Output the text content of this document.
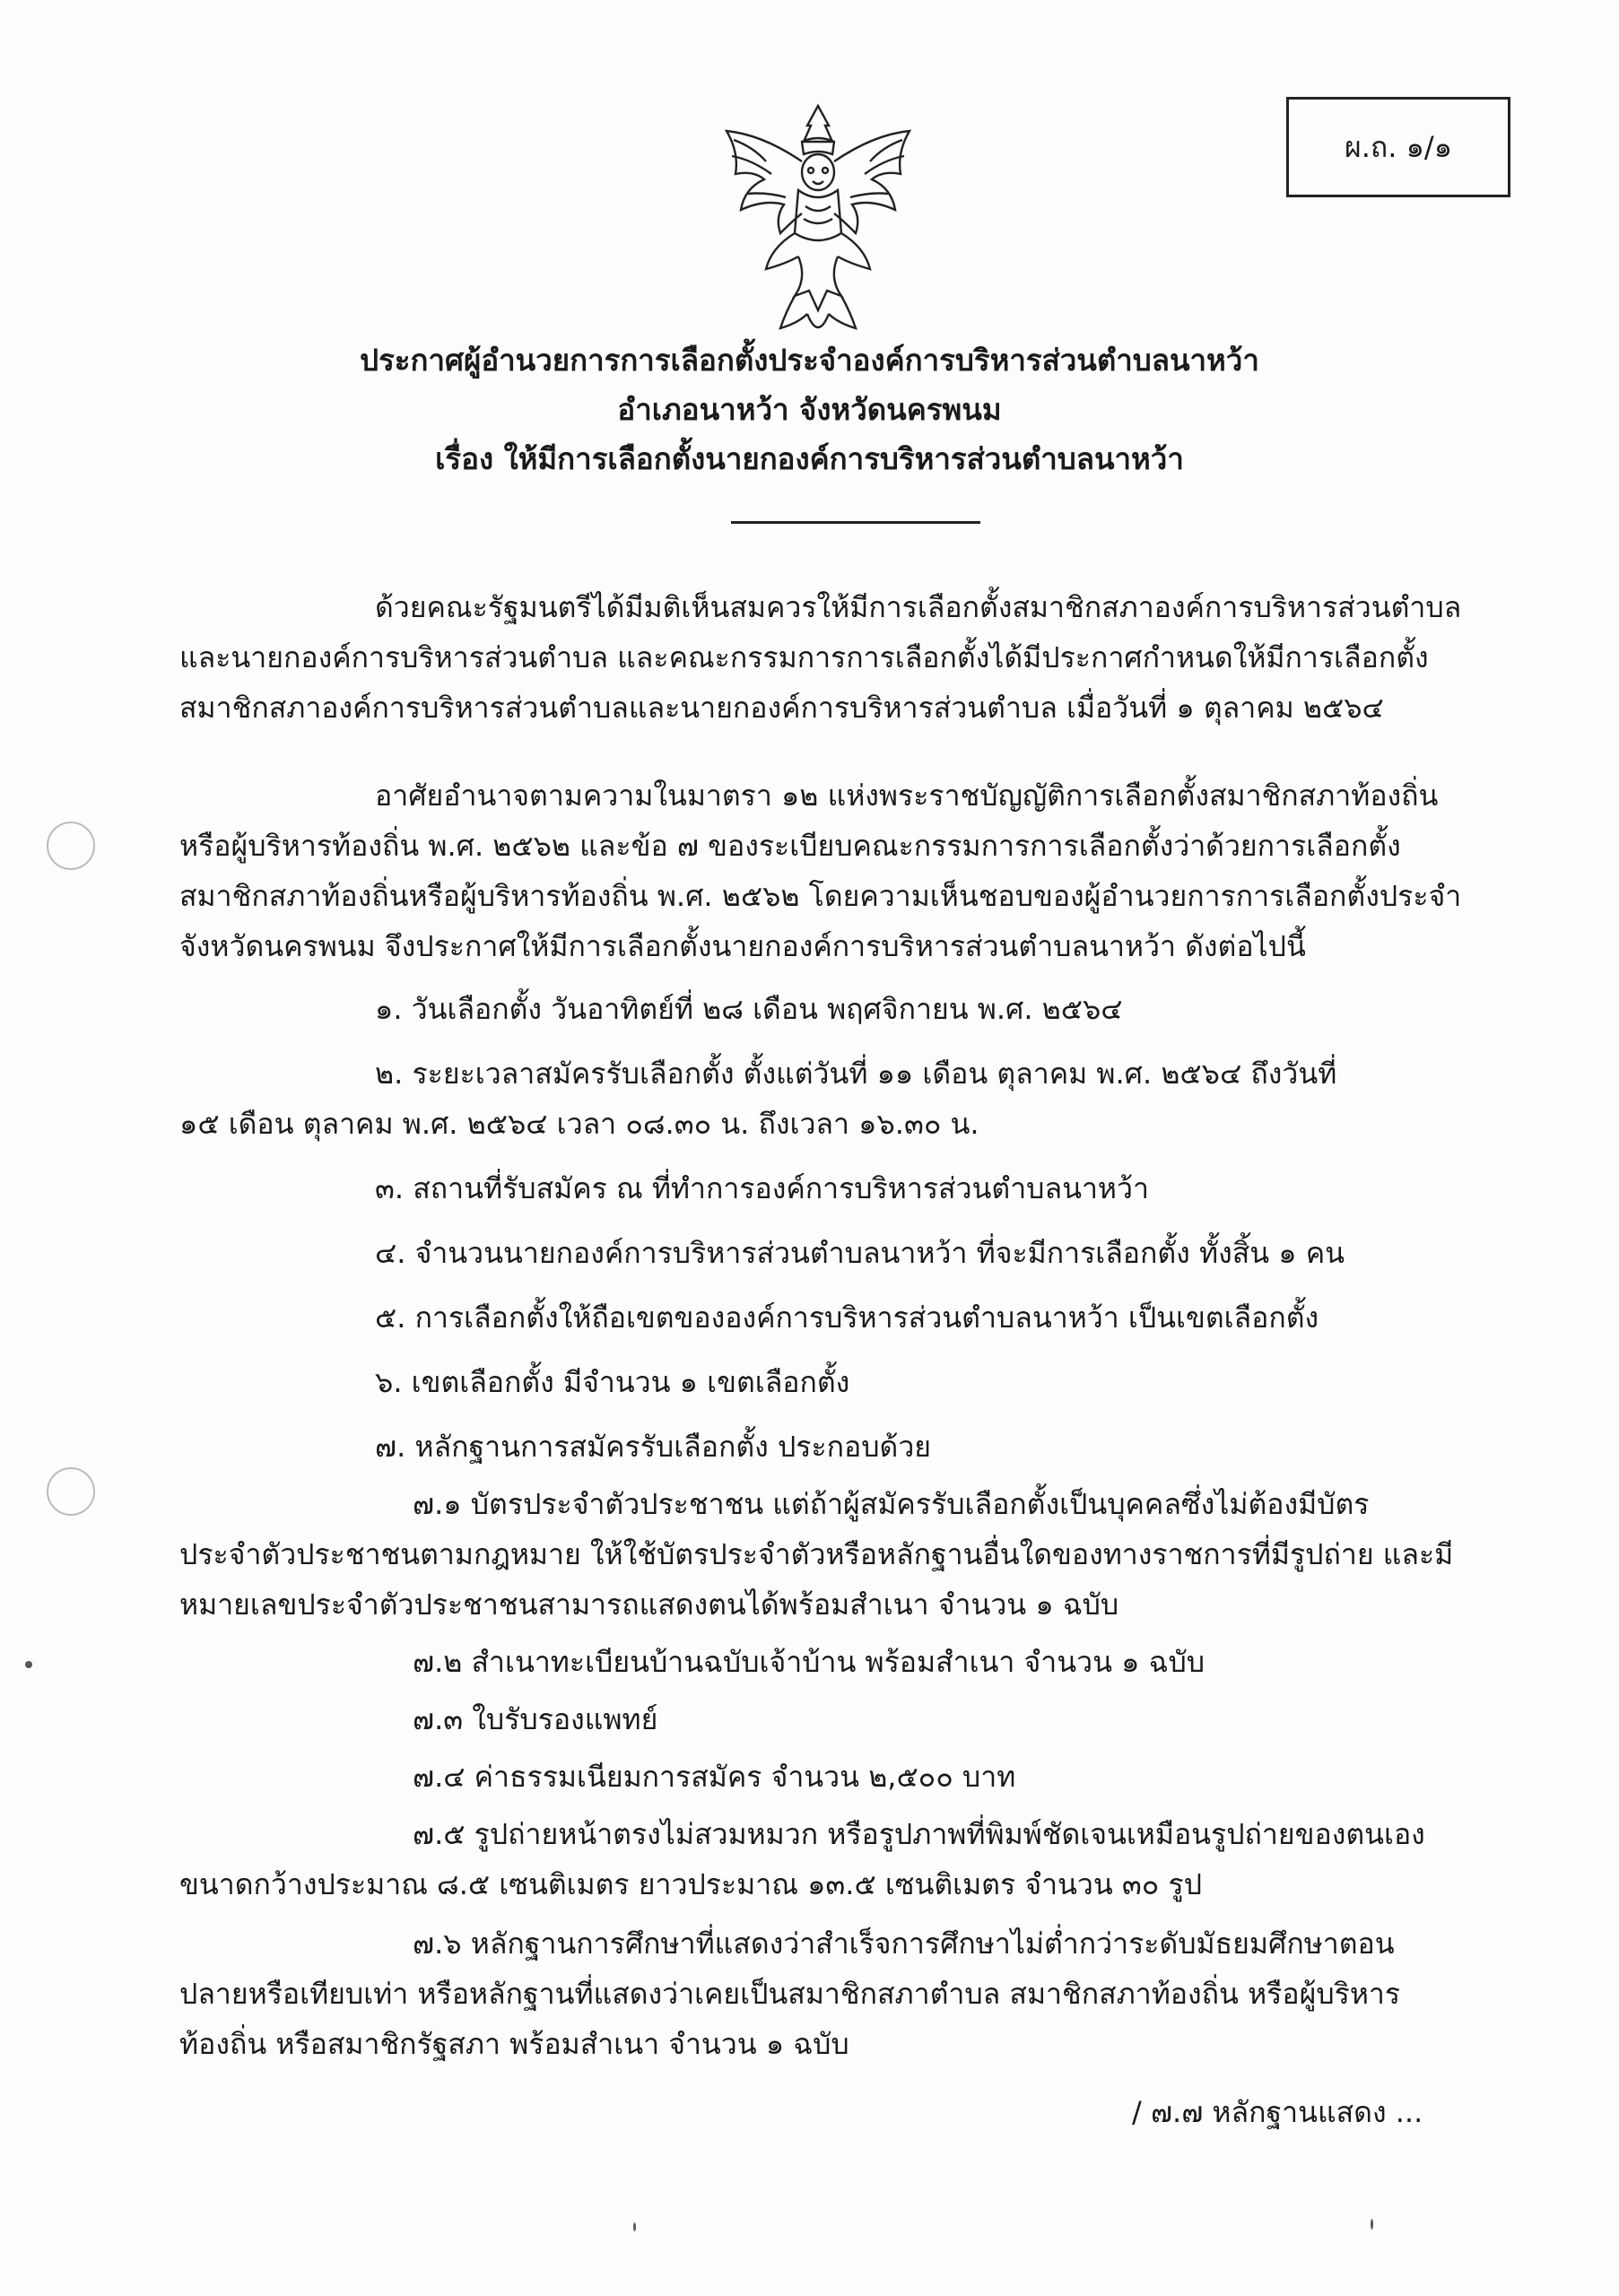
ผ.ถ. ๑/๑
ประกาศผู้อำนวยการการเลือกตั้งประจำองค์การบริหารส่วนตำบลนาหว้า
อำเภอนาหว้า จังหวัดนครพนม
เรื่อง ให้มีการเลือกตั้งนายกองค์การบริหารส่วนตำบลนาหว้า
ด้วยคณะรัฐมนตรีได้มีมติเห็นสมควรให้มีการเลือกตั้งสมาชิกสภาองค์การบริหารส่วนตำบล
และนายกองค์การบริหารส่วนตำบล และคณะกรรมการการเลือกตั้งได้มีประกาศกำหนดให้มีการเลือกตั้ง
สมาชิกสภาองค์การบริหารส่วนตำบลและนายกองค์การบริหารส่วนตำบล เมื่อวันที่ ๑ ตุลาคม ๒๕๖๔
อาศัยอำนาจตามความในมาตรา ๑๒ แห่งพระราชบัญญัติการเลือกตั้งสมาชิกสภาท้องถิ่น
หรือผู้บริหารท้องถิ่น พ.ศ. ๒๕๖๒ และข้อ ๗ ของระเบียบคณะกรรมการการเลือกตั้งว่าด้วยการเลือกตั้ง
สมาชิกสภาท้องถิ่นหรือผู้บริหารท้องถิ่น พ.ศ. ๒๕๖๒ โดยความเห็นชอบของผู้อำนวยการการเลือกตั้งประจำ
จังหวัดนครพนม จึงประกาศให้มีการเลือกตั้งนายกองค์การบริหารส่วนตำบลนาหว้า ดังต่อไปนี้
๑. วันเลือกตั้ง วันอาทิตย์ที่ ๒๘ เดือน พฤศจิกายน พ.ศ. ๒๕๖๔
๒. ระยะเวลาสมัครรับเลือกตั้ง ตั้งแต่วันที่ ๑๑ เดือน ตุลาคม พ.ศ. ๒๕๖๔ ถึงวันที่
๑๕ เดือน ตุลาคม พ.ศ. ๒๕๖๔ เวลา ๐๘.๓๐ น. ถึงเวลา ๑๖.๓๐ น.
๓. สถานที่รับสมัคร ณ ที่ทำการองค์การบริหารส่วนตำบลนาหว้า
๔. จำนวนนายกองค์การบริหารส่วนตำบลนาหว้า ที่จะมีการเลือกตั้ง ทั้งสิ้น ๑ คน
๕. การเลือกตั้งให้ถือเขตขององค์การบริหารส่วนตำบลนาหว้า เป็นเขตเลือกตั้ง
๖. เขตเลือกตั้ง มีจำนวน ๑ เขตเลือกตั้ง
๗. หลักฐานการสมัครรับเลือกตั้ง ประกอบด้วย
๗.๑ บัตรประจำตัวประชาชน แต่ถ้าผู้สมัครรับเลือกตั้งเป็นบุคคลซึ่งไม่ต้องมีบัตร
ประจำตัวประชาชนตามกฎหมาย ให้ใช้บัตรประจำตัวหรือหลักฐานอื่นใดของทางราชการที่มีรูปถ่าย และมี
หมายเลขประจำตัวประชาชนสามารถแสดงตนได้พร้อมสำเนา จำนวน ๑ ฉบับ
๗.๒ สำเนาทะเบียนบ้านฉบับเจ้าบ้าน พร้อมสำเนา จำนวน ๑ ฉบับ
๗.๓ ใบรับรองแพทย์
๗.๔ ค่าธรรมเนียมการสมัคร จำนวน ๒,๕๐๐ บาท
๗.๕ รูปถ่ายหน้าตรงไม่สวมหมวก หรือรูปภาพที่พิมพ์ชัดเจนเหมือนรูปถ่ายของตนเอง
ขนาดกว้างประมาณ ๘.๕ เซนติเมตร ยาวประมาณ ๑๓.๕ เซนติเมตร จำนวน ๓๐ รูป
๗.๖ หลักฐานการศึกษาที่แสดงว่าสำเร็จการศึกษาไม่ต่ำกว่าระดับมัธยมศึกษาตอน
ปลายหรือเทียบเท่า หรือหลักฐานที่แสดงว่าเคยเป็นสมาชิกสภาตำบล สมาชิกสภาท้องถิ่น หรือผู้บริหาร
ท้องถิ่น หรือสมาชิกรัฐสภา พร้อมสำเนา จำนวน ๑ ฉบับ
/ ๗.๗ หลักฐานแสดง ...
